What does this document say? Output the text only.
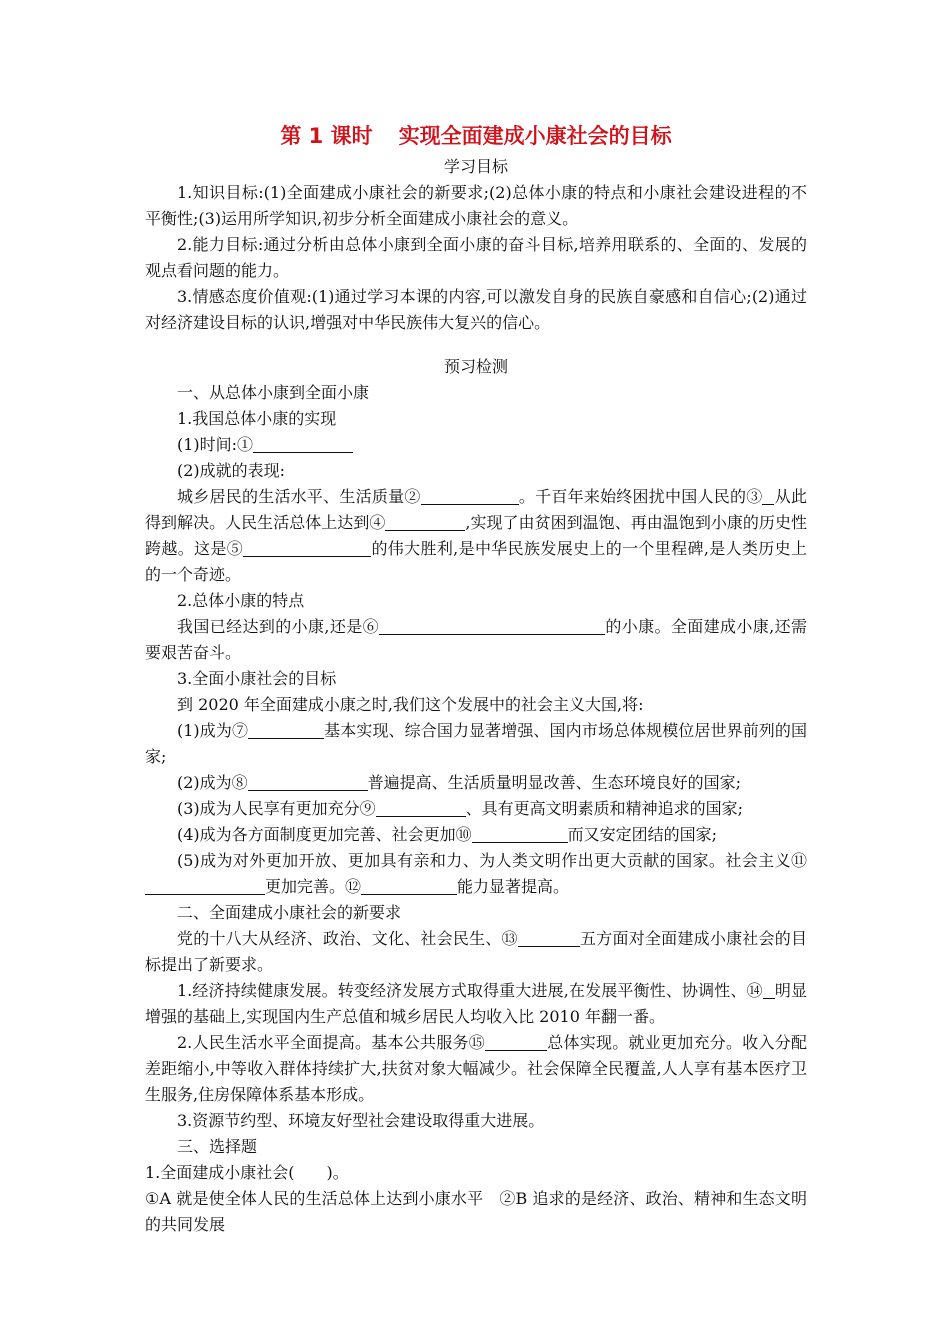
第 1 课时 实现全面建成小康社会的目标

学习目标

1.知识目标:(1)全面建成小康社会的新要求;(2)总体小康的特点和小康社会建设进程的不平衡性;(3)运用所学知识,初步分析全面建成小康社会的意义。

2.能力目标:通过分析由总体小康到全面小康的奋斗目标,培养用联系的、全面的、发展的观点看问题的能力。

3.情感态度价值观:(1)通过学习本课的内容,可以激发自身的民族自豪感和自信心;(2)通过对经济建设目标的认识,增强对中华民族伟大复兴的信心。

预习检测

一、从总体小康到全面小康

1.我国总体小康的实现

(1)时间:①

(2)成就的表现:

城乡居民的生活水平、生活质量②	。千百年来始终困扰中国人民的③ 从此得到解决。人民生活总体上达到④	,实现了由贫困到温饱、再由温饱到小康的历史性跨越。这是⑤	的伟大胜利,是中华民族发展史上的一个里程碑,是人类历史上的一个奇迹。

2.总体小康的特点

我国已经达到的小康,还是⑥	的小康。全面建成小康,还需要艰苦奋斗。

3.全面小康社会的目标

到 2020 年全面建成小康之时,我们这个发展中的社会主义大国,将:

(1)成为⑦	基本实现、综合国力显著增强、国内市场总体规模位居世界前列的国家;

(2)成为⑧	普遍提高、生活质量明显改善、生态环境良好的国家;

(3)成为人民享有更加充分⑨	、具有更高文明素质和精神追求的国家;

(4)成为各方面制度更加完善、社会更加⑩	而又安定团结的国家;

(5)成为对外更加开放、更加具有亲和力、为人类文明作出更大贡献的国家。社会主义⑪更加完善。⑫	能力显著提高。

二、全面建成小康社会的新要求

党的十八大从经济、政治、文化、社会民生、⑬	五方面对全面建成小康社会的目标提出了新要求。

1.经济持续健康发展。转变经济发展方式取得重大进展,在发展平衡性、协调性、⑭ 明显增强的基础上,实现国内生产总值和城乡居民人均收入比 2010 年翻一番。

2.人民生活水平全面提高。基本公共服务⑮	总体实现。就业更加充分。收入分配差距缩小,中等收入群体持续扩大,扶贫对象大幅减少。社会保障全民覆盖,人人享有基本医疗卫生服务,住房保障体系基本形成。

3.资源节约型、环境友好型社会建设取得重大进展。

三、选择题

1.全面建成小康社会(　　)。

①A 就是使全体人民的生活总体上达到小康水平　②B 追求的是经济、政治、精神和生态文明的共同发展
